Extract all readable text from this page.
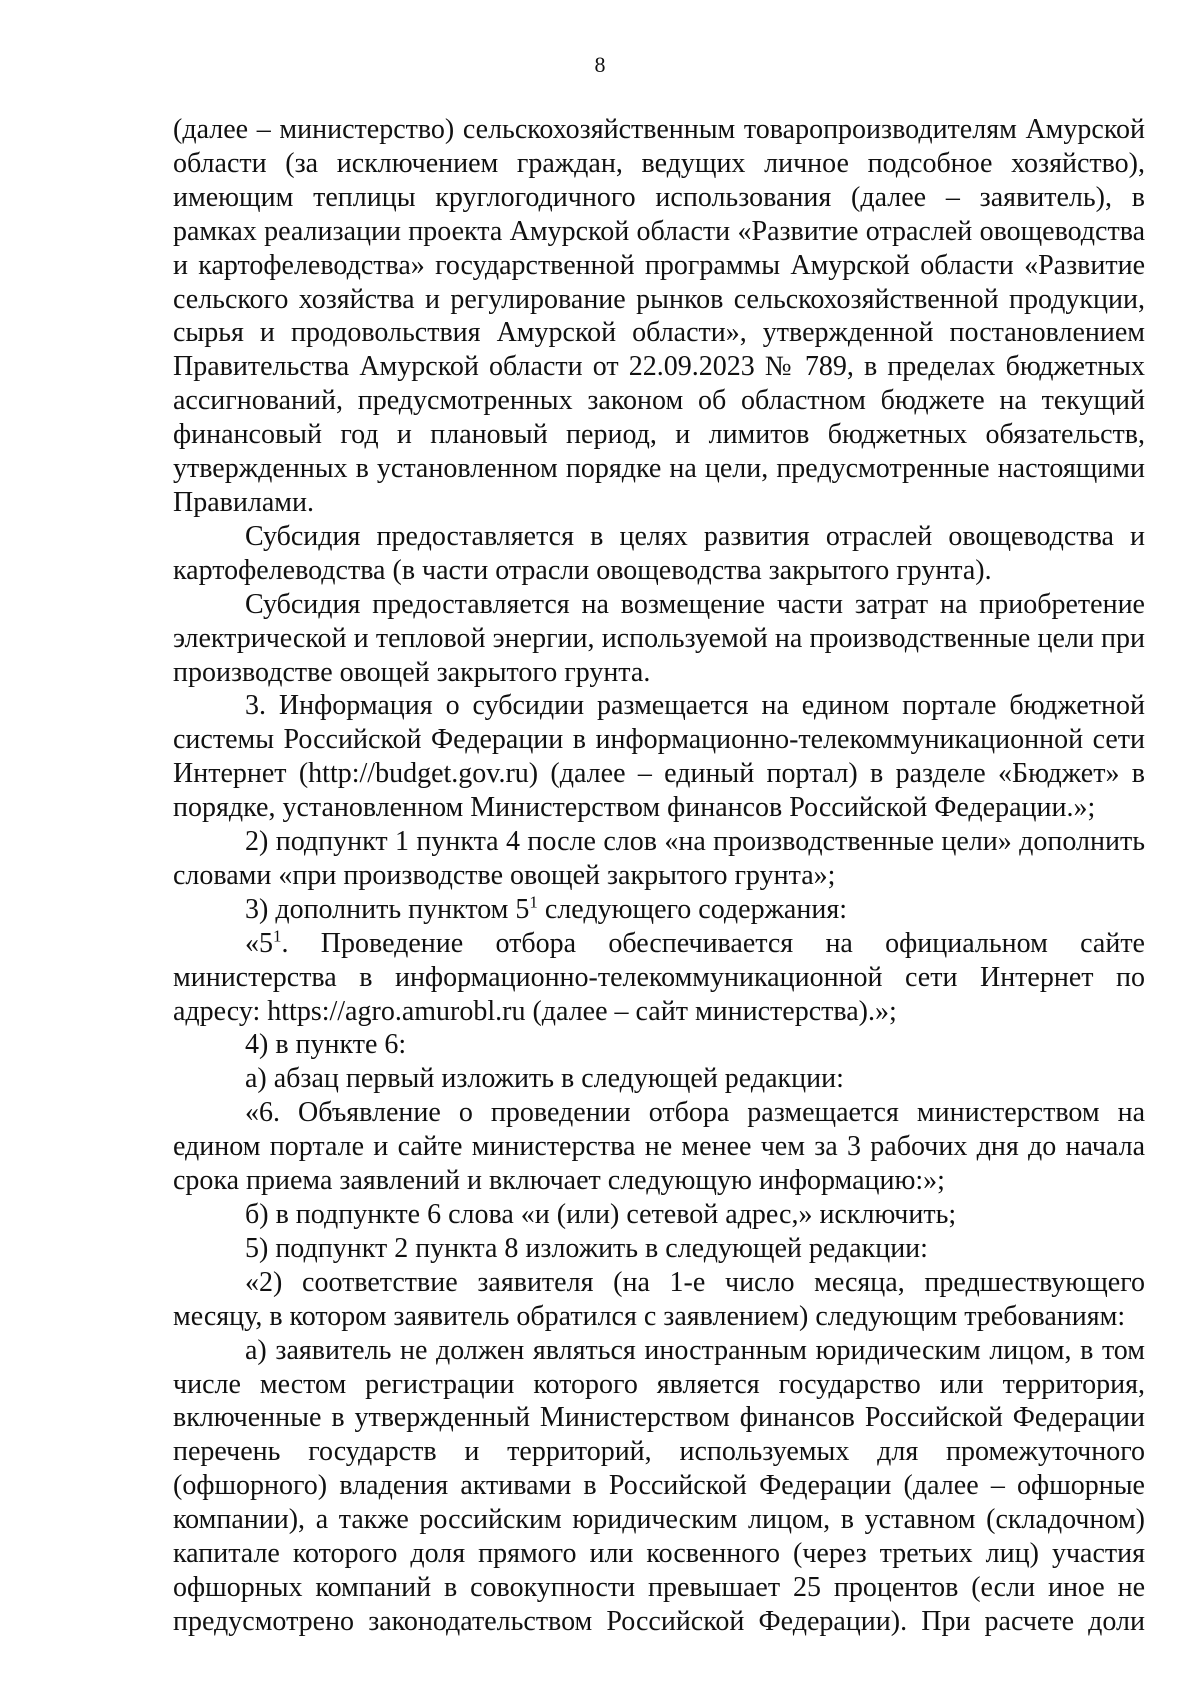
8

(далее – министерство) сельскохозяйственным товаропроизводителям Амурской области (за исключением граждан, ведущих личное подсобное хозяйство), имеющим теплицы круглогодичного использования (далее – заявитель), в рамках реализации проекта Амурской области «Развитие отраслей овощеводства и картофелеводства» государственной программы Амурской области «Развитие сельского хозяйства и регулирование рынков сельскохозяйственной продукции, сырья и продовольствия Амурской области», утвержденной постановлением Правительства Амурской области от 22.09.2023 № 789, в пределах бюджетных ассигнований, предусмотренных законом об областном бюджете на текущий финансовый год и плановый период, и лимитов бюджетных обязательств, утвержденных в установленном порядке на цели, предусмотренные настоящими Правилами.

Субсидия предоставляется в целях развития отраслей овощеводства и картофелеводства (в части отрасли овощеводства закрытого грунта).

Субсидия предоставляется на возмещение части затрат на приобретение электрической и тепловой энергии, используемой на производственные цели при производстве овощей закрытого грунта.

3. Информация о субсидии размещается на едином портале бюджетной системы Российской Федерации в информационно-телекоммуникационной сети Интернет (http://budget.gov.ru) (далее – единый портал) в разделе «Бюджет» в порядке, установленном Министерством финансов Российской Федерации.»;

2) подпункт 1 пункта 4 после слов «на производственные цели» дополнить словами «при производстве овощей закрытого грунта»;

3) дополнить пунктом $5^1$ следующего содержания:

«$5^1$. Проведение отбора обеспечивается на официальном сайте министерства в информационно-телекоммуникационной сети Интернет по адресу: https://agro.amurobl.ru (далее – сайт министерства).»;

4) в пункте 6:

а) абзац первый изложить в следующей редакции:

«6. Объявление о проведении отбора размещается министерством на едином портале и сайте министерства не менее чем за 3 рабочих дня до начала срока приема заявлений и включает следующую информацию:»;

б) в подпункте 6 слова «и (или) сетевой адрес,» исключить;

5) подпункт 2 пункта 8 изложить в следующей редакции:

«2) соответствие заявителя (на 1-е число месяца, предшествующего месяцу, в котором заявитель обратился с заявлением) следующим требованиям:

а) заявитель не должен являться иностранным юридическим лицом, в том числе местом регистрации которого является государство или территория, включенные в утвержденный Министерством финансов Российской Федерации перечень государств и территорий, используемых для промежуточного (офшорного) владения активами в Российской Федерации (далее – офшорные компании), а также российским юридическим лицом, в уставном (складочном) капитале которого доля прямого или косвенного (через третьих лиц) участия офшорных компаний в совокупности превышает 25 процентов (если иное не предусмотрено законодательством Российской Федерации). При расчете доли
